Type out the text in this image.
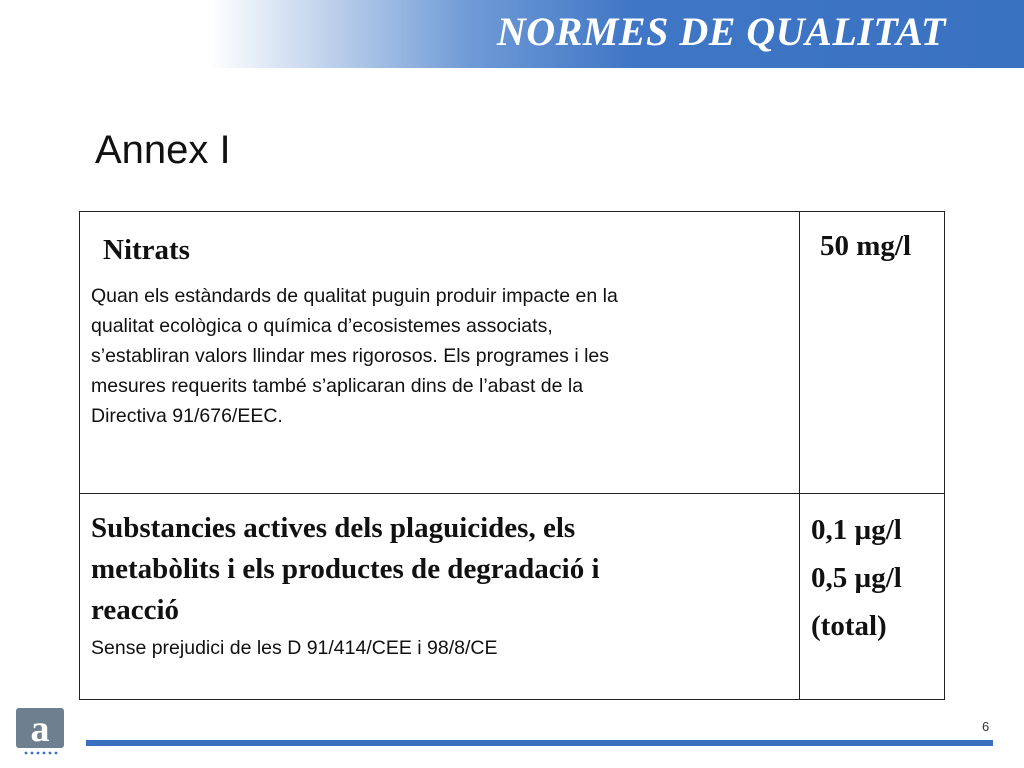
NORMES DE QUALITAT
Annex I
Nitrats
Quan els estàndards de qualitat puguin produir impacte en la
qualitat ecològica o química d’ecosistemes associats,
s’establiran valors llindar mes rigorosos. Els programes i les
mesures requerits també s’aplicaran dins de l’abast de la
Directiva 91/676/EEC.
50 mg/l
Substancies actives dels plaguicides, els
metabòlits i els productes de degradació i
reacció
Sense prejudici de les D 91/414/CEE i 98/8/CE
0,1 µg/l
0,5 µg/l
(total)
a	6
